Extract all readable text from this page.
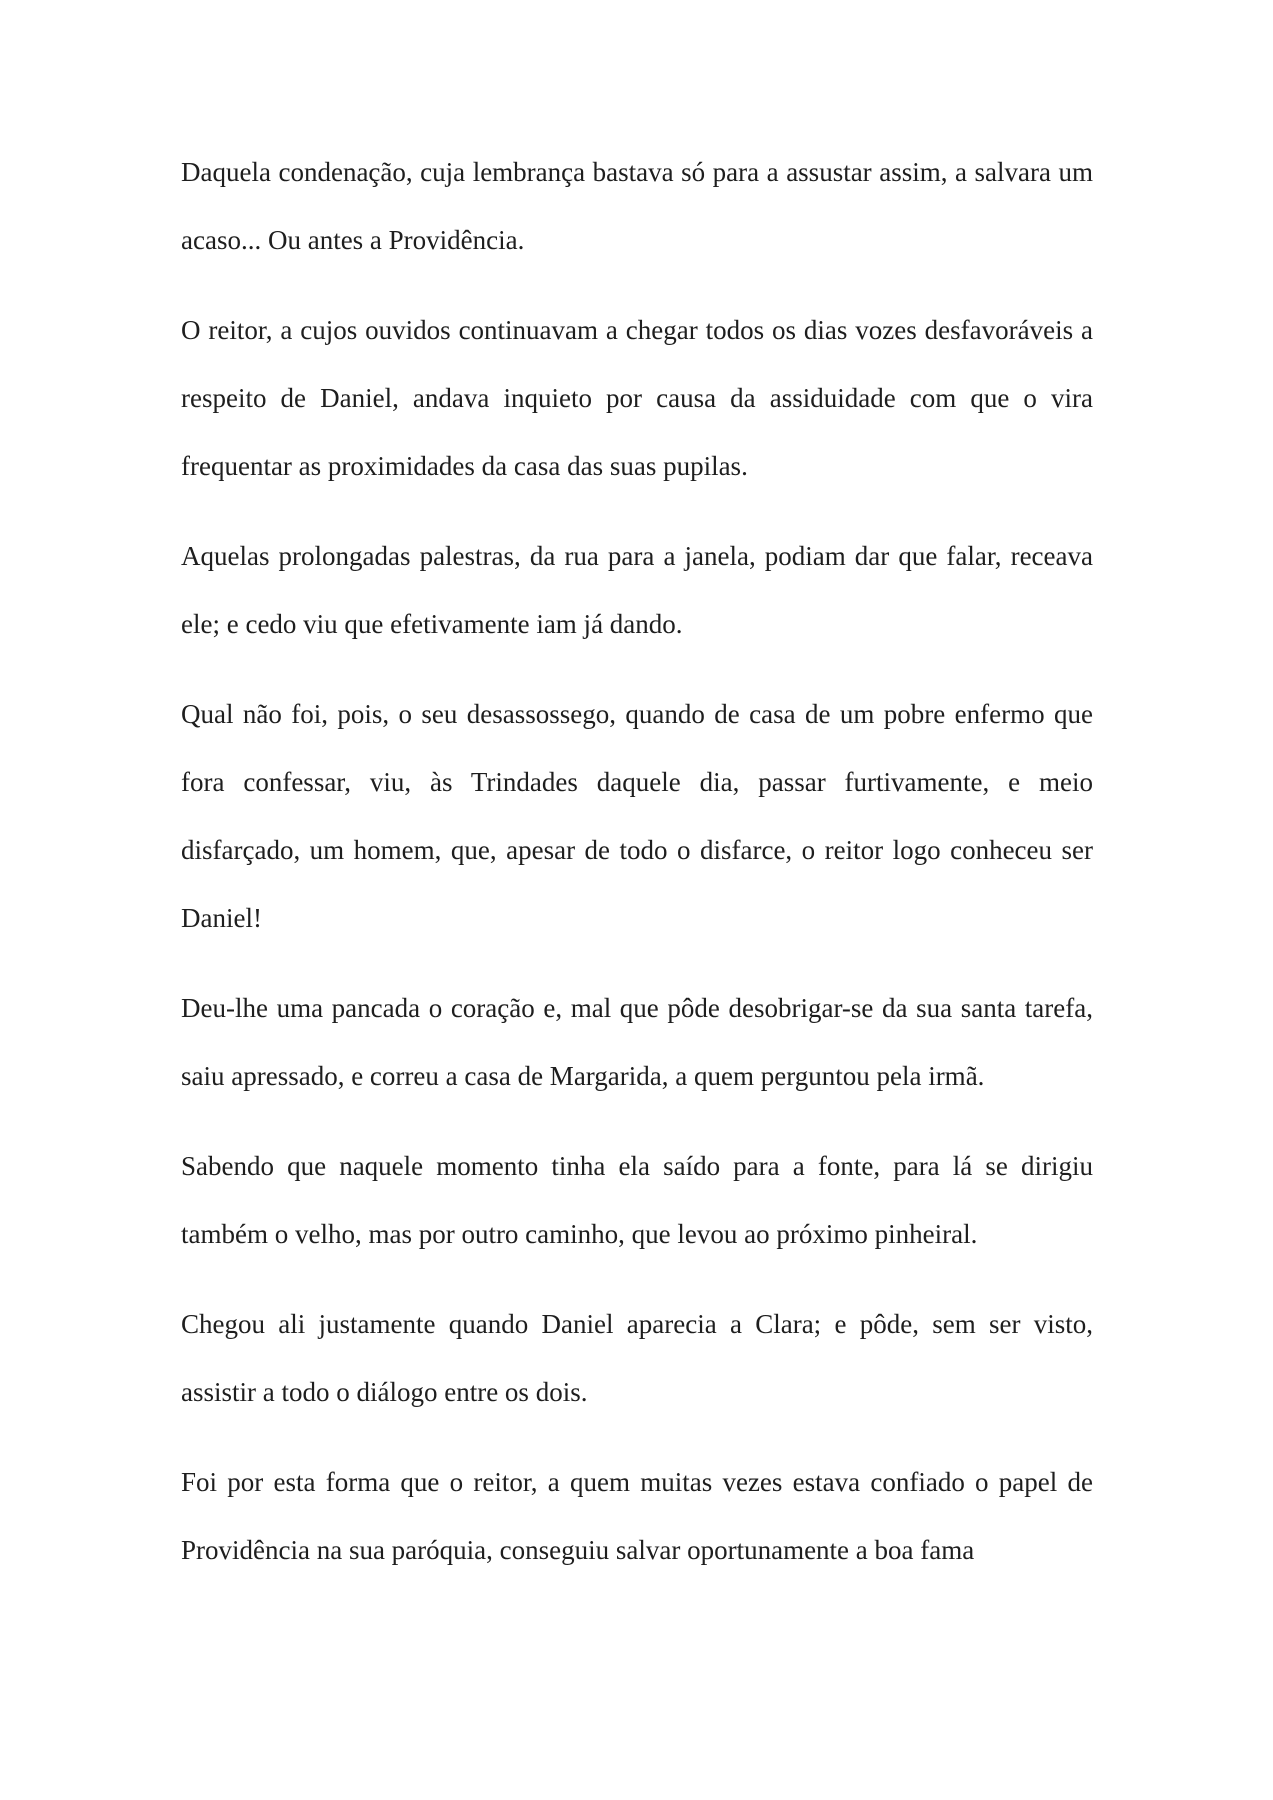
Daquela condenação, cuja lembrança bastava só para a assustar assim, a salvara um acaso... Ou antes a Providência.

O reitor, a cujos ouvidos continuavam a chegar todos os dias vozes desfavoráveis a respeito de Daniel, andava inquieto por causa da assiduidade com que o vira frequentar as proximidades da casa das suas pupilas.

Aquelas prolongadas palestras, da rua para a janela, podiam dar que falar, receava ele; e cedo viu que efetivamente iam já dando.

Qual não foi, pois, o seu desassossego, quando de casa de um pobre enfermo que fora confessar, viu, às Trindades daquele dia, passar furtivamente, e meio disfarçado, um homem, que, apesar de todo o disfarce, o reitor logo conheceu ser Daniel!

Deu-lhe uma pancada o coração e, mal que pôde desobrigar-se da sua santa tarefa, saiu apressado, e correu a casa de Margarida, a quem perguntou pela irmã.

Sabendo que naquele momento tinha ela saído para a fonte, para lá se dirigiu também o velho, mas por outro caminho, que levou ao próximo pinheiral.

Chegou ali justamente quando Daniel aparecia a Clara; e pôde, sem ser visto, assistir a todo o diálogo entre os dois.

Foi por esta forma que o reitor, a quem muitas vezes estava confiado o papel de Providência na sua paróquia, conseguiu salvar oportunamente a boa fama
